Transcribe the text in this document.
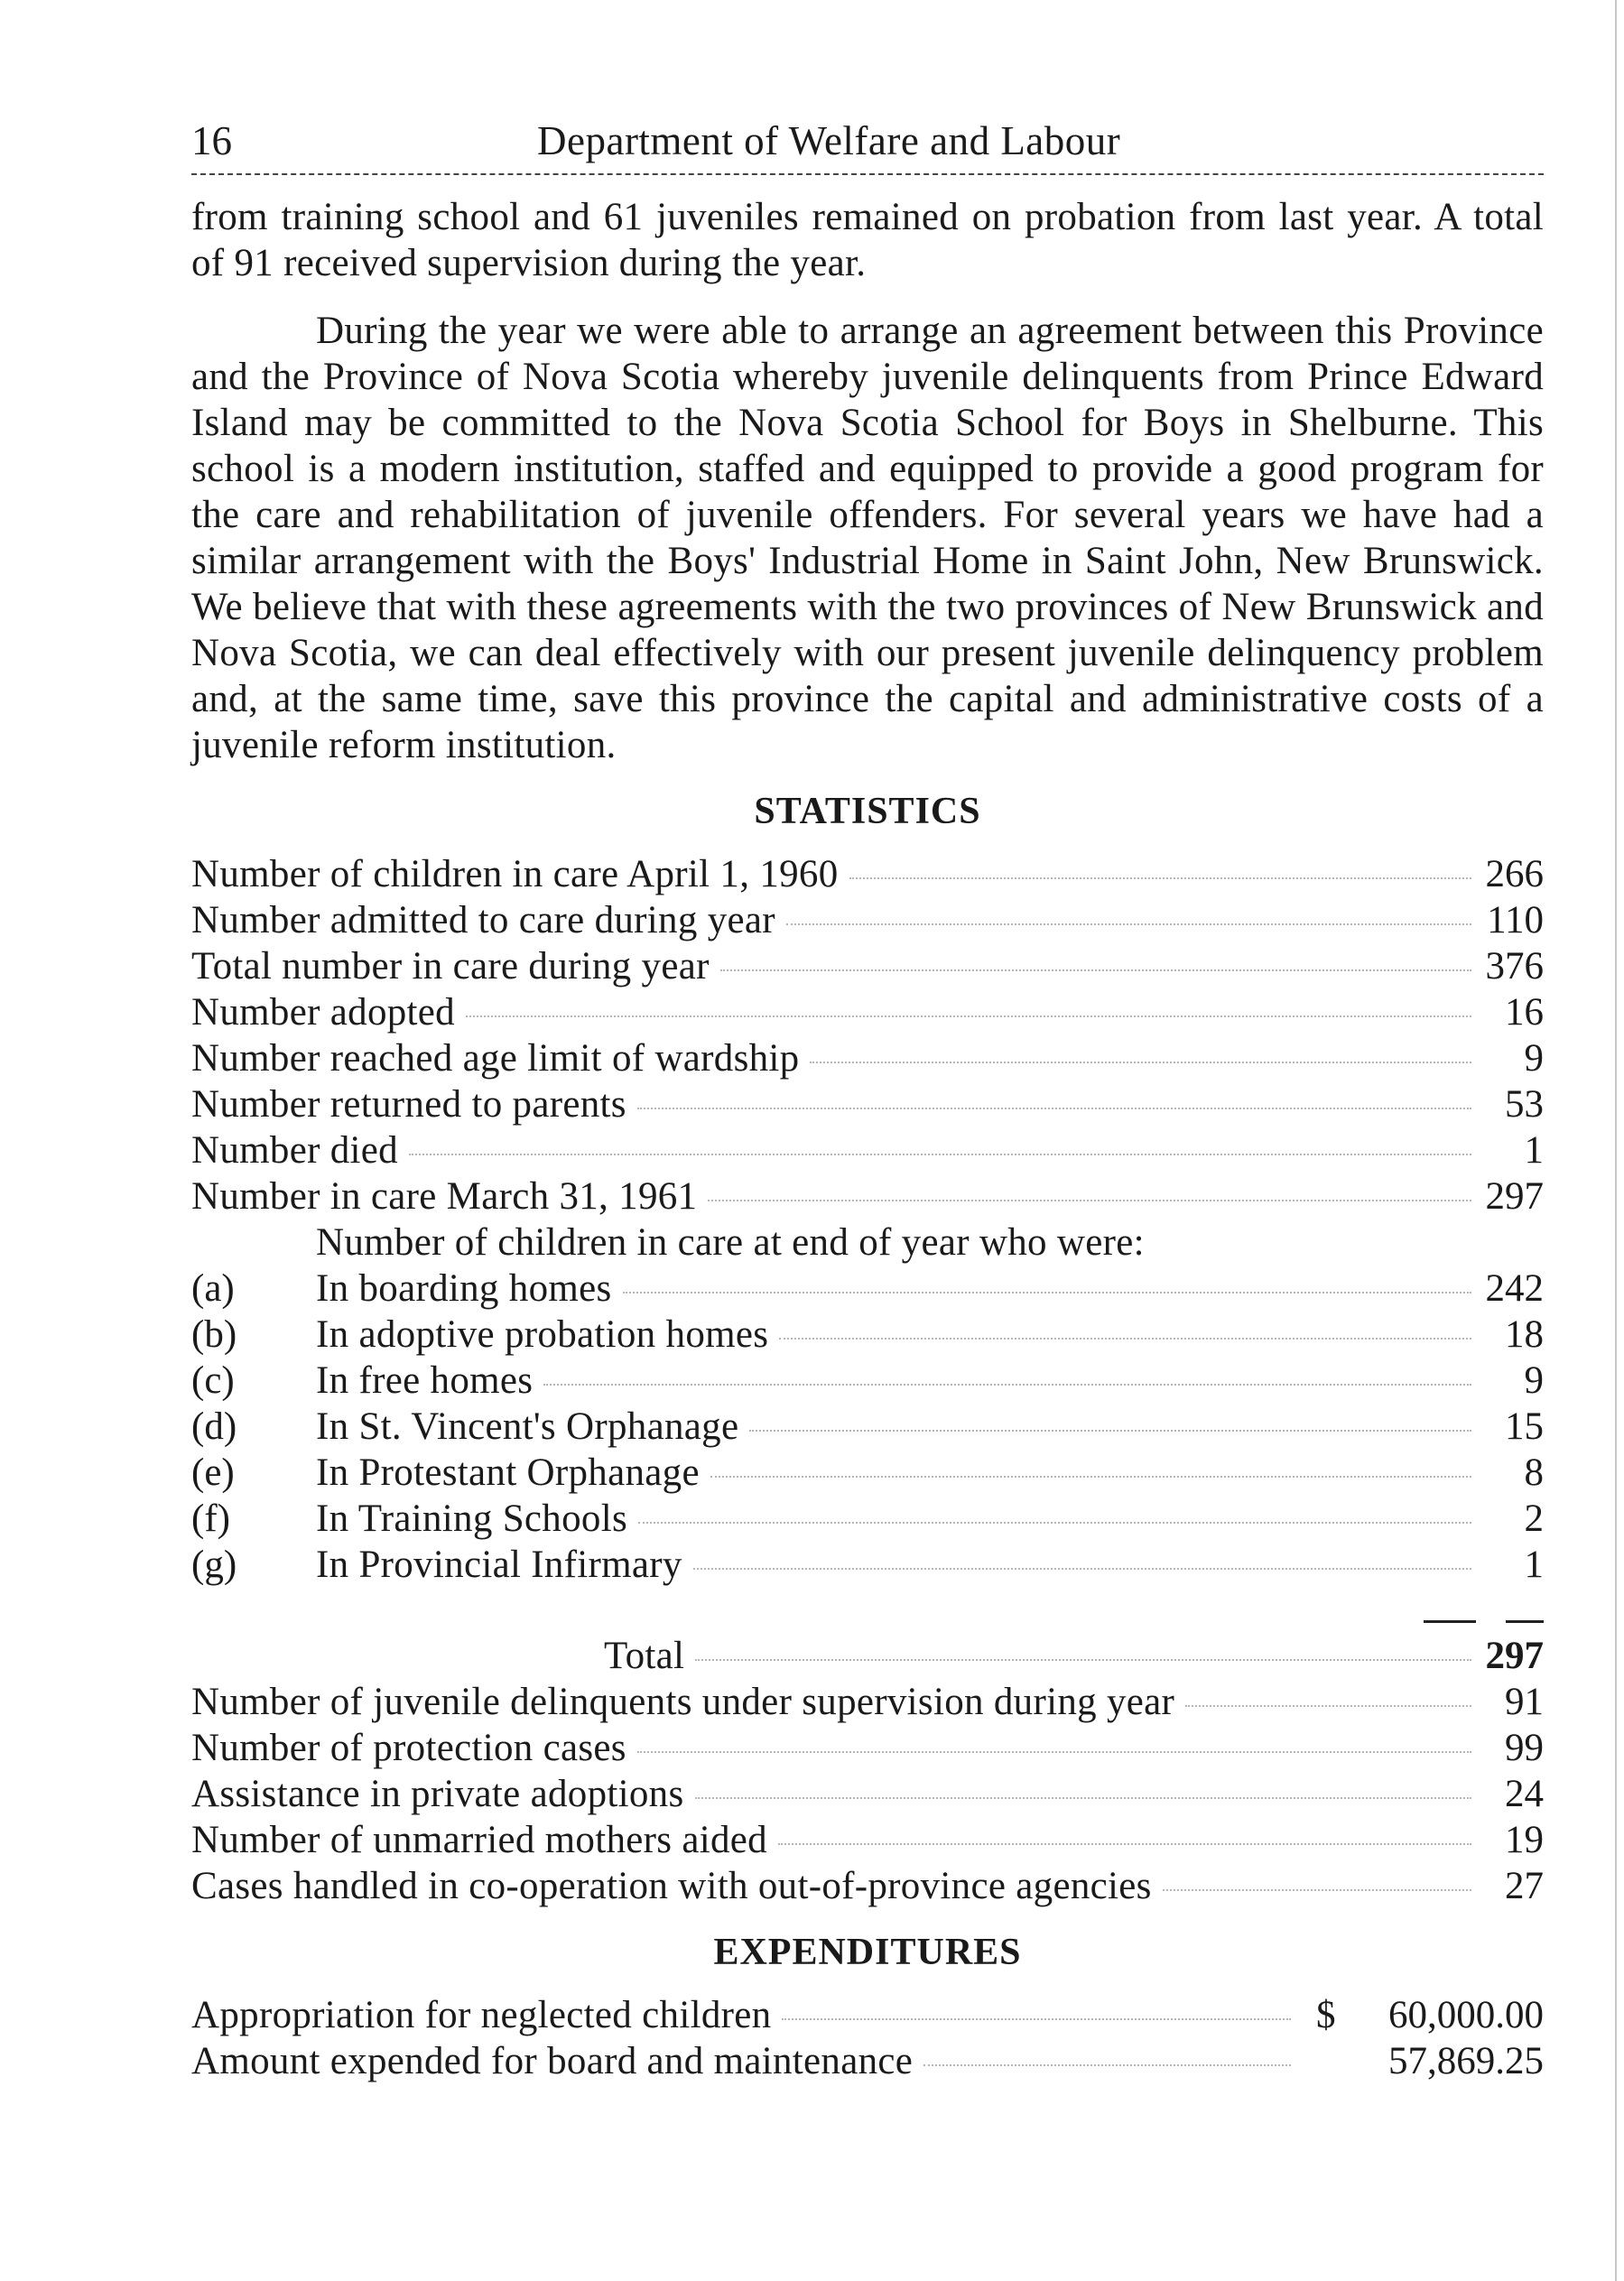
16	Department of Welfare and Labour

from training school and 61 juveniles remained on probation from last year. A total of 91 received supervision during the year.

During the year we were able to arrange an agreement between this Province and the Province of Nova Scotia whereby juvenile delinquents from Prince Edward Island may be committed to the Nova Scotia School for Boys in Shelburne. This school is a modern institution, staffed and equipped to provide a good program for the care and rehabilitation of juvenile offenders. For several years we have had a similar arrangement with the Boys' Industrial Home in Saint John, New Brunswick. We believe that with these agreements with the two provinces of New Brunswick and Nova Scotia, we can deal effectively with our present juvenile delinquency problem and, at the same time, save this province the capital and administrative costs of a juvenile reform institution.

STATISTICS
Number of children in care April 1, 1960	266
Number admitted to care during year	110
Total number in care during year	376
Number adopted	16
Number reached age limit of wardship	9
Number returned to parents	53
Number died	1
Number in care March 31, 1961	297
Number of children in care at end of year who were:
(a)	In boarding homes	242
(b)	In adoptive probation homes	18
(c)	In free homes	9
(d)	In St. Vincent's Orphanage	15
(e)	In Protestant Orphanage	8
(f)	In Training Schools	2
(g)	In Provincial Infirmary	1
Total	297
Number of juvenile delinquents under supervision during year	91
Number of protection cases	99
Assistance in private adoptions	24
Number of unmarried mothers aided	19
Cases handled in co-operation with out-of-province agencies	27
EXPENDITURES
Appropriation for neglected children	$	60,000.00
Amount expended for board and maintenance	57,869.25
